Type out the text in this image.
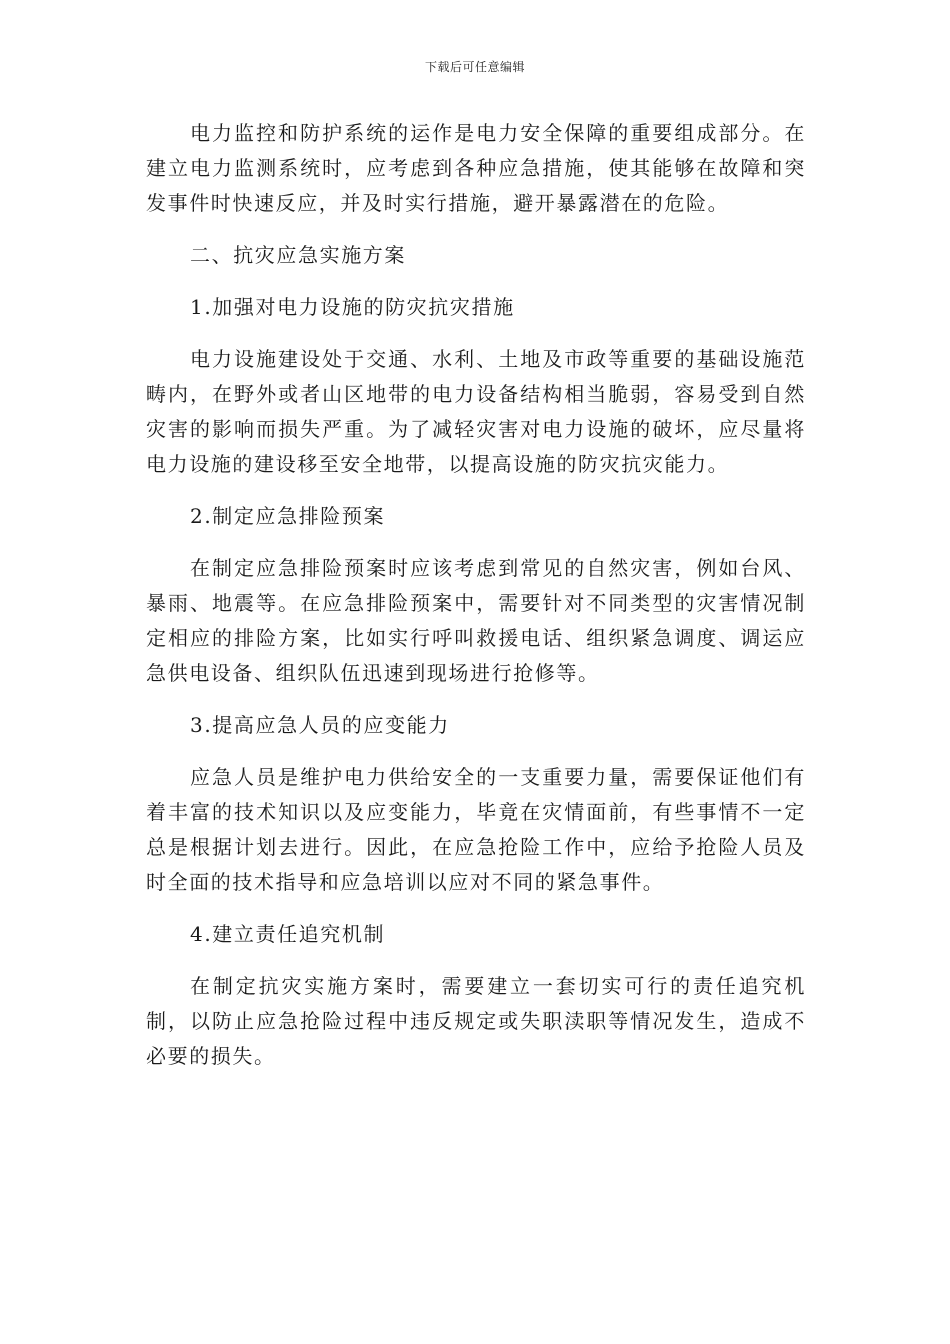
下载后可任意编辑

电力监控和防护系统的运作是电力安全保障的重要组成部分。在建立电力监测系统时，应考虑到各种应急措施，使其能够在故障和突发事件时快速反应，并及时实行措施，避开暴露潜在的危险。

二、抗灾应急实施方案

1.加强对电力设施的防灾抗灾措施

电力设施建设处于交通、水利、土地及市政等重要的基础设施范畴内，在野外或者山区地带的电力设备结构相当脆弱，容易受到自然灾害的影响而损失严重。为了减轻灾害对电力设施的破坏，应尽量将电力设施的建设移至安全地带，以提高设施的防灾抗灾能力。

2.制定应急排险预案

在制定应急排险预案时应该考虑到常见的自然灾害，例如台风、暴雨、地震等。在应急排险预案中，需要针对不同类型的灾害情况制定相应的排险方案，比如实行呼叫救援电话、组织紧急调度、调运应急供电设备、组织队伍迅速到现场进行抢修等。

3.提高应急人员的应变能力

应急人员是维护电力供给安全的一支重要力量，需要保证他们有着丰富的技术知识以及应变能力，毕竟在灾情面前，有些事情不一定总是根据计划去进行。因此，在应急抢险工作中，应给予抢险人员及时全面的技术指导和应急培训以应对不同的紧急事件。

4.建立责任追究机制

在制定抗灾实施方案时，需要建立一套切实可行的责任追究机制，以防止应急抢险过程中违反规定或失职渎职等情况发生，造成不必要的损失。
